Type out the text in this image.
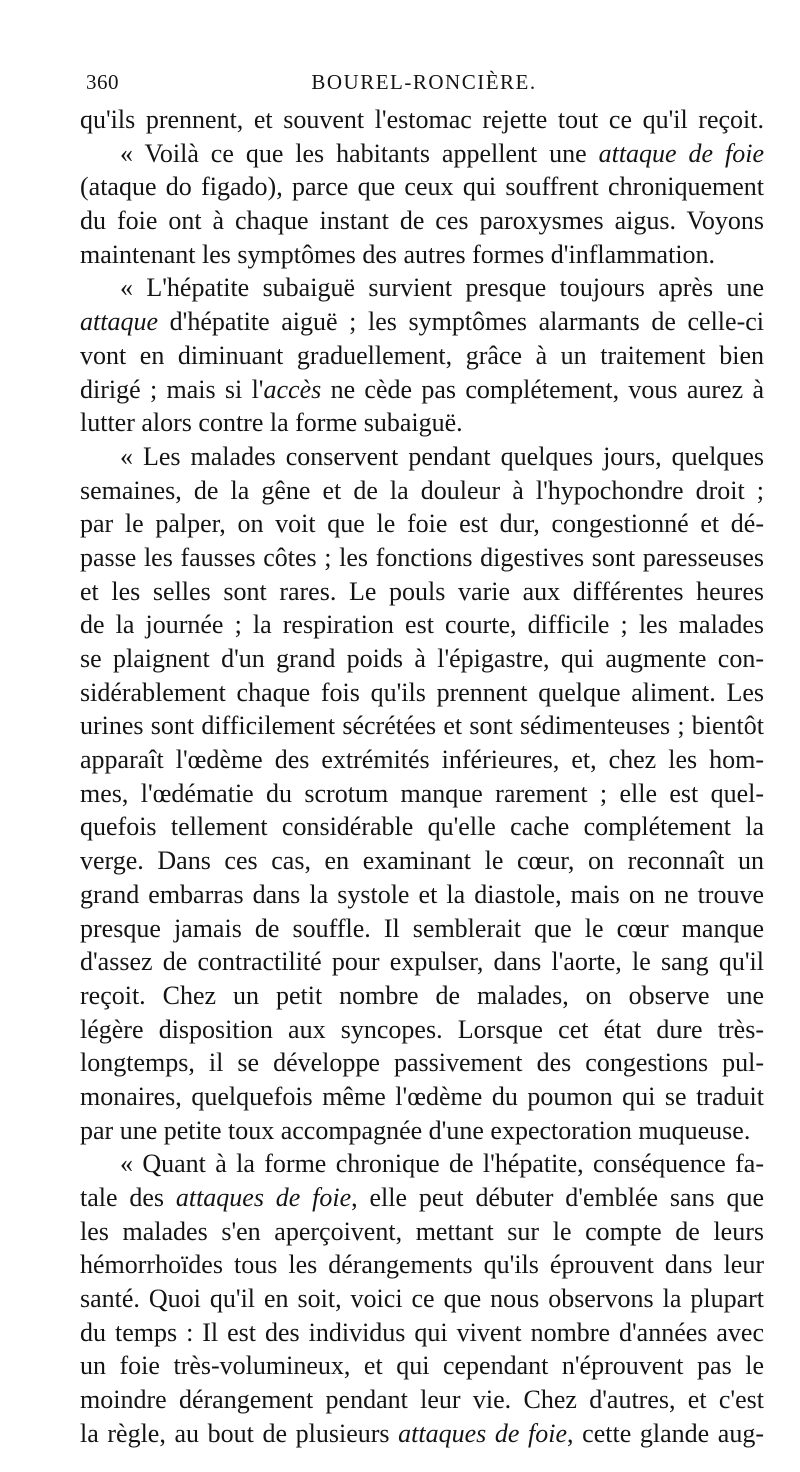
360	BOUREL-RONCIÈRE.
qu'ils prennent, et souvent l'estomac rejette tout ce qu'il reçoit.
« Voilà ce que les habitants appellent une attaque de foie
(ataque do figado), parce que ceux qui souffrent chroniquement
du foie ont à chaque instant de ces paroxysmes aigus. Voyons
maintenant les symptômes des autres formes d'inflammation.
« L'hépatite subaiguë survient presque toujours après une
attaque d'hépatite aiguë ; les symptômes alarmants de celle-ci
vont en diminuant graduellement, grâce à un traitement bien
dirigé ; mais si l'accès ne cède pas complétement, vous aurez à
lutter alors contre la forme subaiguë.
« Les malades conservent pendant quelques jours, quelques
semaines, de la gêne et de la douleur à l'hypochondre droit ;
par le palper, on voit que le foie est dur, congestionné et dé-
passe les fausses côtes ; les fonctions digestives sont paresseuses
et les selles sont rares. Le pouls varie aux différentes heures
de la journée ; la respiration est courte, difficile ; les malades
se plaignent d'un grand poids à l'épigastre, qui augmente con-
sidérablement chaque fois qu'ils prennent quelque aliment. Les
urines sont difficilement sécrétées et sont sédimenteuses ; bientôt
apparaît l'œdème des extrémités inférieures, et, chez les hom-
mes, l'œdématie du scrotum manque rarement ; elle est quel-
quefois tellement considérable qu'elle cache complétement la
verge. Dans ces cas, en examinant le cœur, on reconnaît un
grand embarras dans la systole et la diastole, mais on ne trouve
presque jamais de souffle. Il semblerait que le cœur manque
d'assez de contractilité pour expulser, dans l'aorte, le sang qu'il
reçoit. Chez un petit nombre de malades, on observe une
légère disposition aux syncopes. Lorsque cet état dure très-
longtemps, il se développe passivement des congestions pul-
monaires, quelquefois même l'œdème du poumon qui se traduit
par une petite toux accompagnée d'une expectoration muqueuse.
« Quant à la forme chronique de l'hépatite, conséquence fa-
tale des attaques de foie, elle peut débuter d'emblée sans que
les malades s'en aperçoivent, mettant sur le compte de leurs
hémorrhoïdes tous les dérangements qu'ils éprouvent dans leur
santé. Quoi qu'il en soit, voici ce que nous observons la plupart
du temps : Il est des individus qui vivent nombre d'années avec
un foie très-volumineux, et qui cependant n'éprouvent pas le
moindre dérangement pendant leur vie. Chez d'autres, et c'est
la règle, au bout de plusieurs attaques de foie, cette glande aug-
